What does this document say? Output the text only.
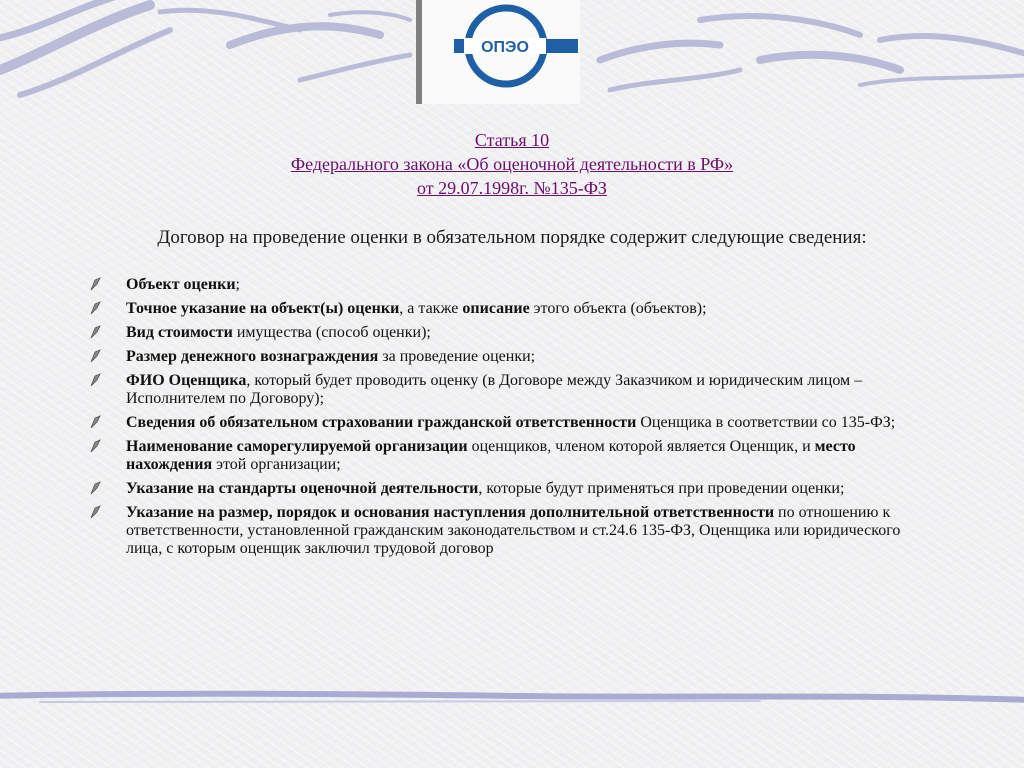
ОПЭО
Статья 10
Федерального закона «Об оценочной деятельности в РФ»
от 29.07.1998г. №135-ФЗ
Договор на проведение оценки в обязательном порядке содержит следующие сведения:
Объект оценки;
Точное указание на объект(ы) оценки, а также описание этого объекта (объектов);
Вид стоимости имущества (способ оценки);
Размер денежного вознаграждения за проведение оценки;
ФИО Оценщика, который будет проводить оценку (в Договоре между Заказчиком и юридическим лицом – Исполнителем по Договору);
Сведения об обязательном страховании гражданской ответственности Оценщика в соответствии со 135-ФЗ;
Наименование саморегулируемой организации оценщиков, членом которой является Оценщик, и место нахождения этой организации;
Указание на стандарты оценочной деятельности, которые будут применяться при проведении оценки;
Указание на размер, порядок и основания наступления дополнительной ответственности по отношению к ответственности, установленной гражданским законодательством и ст.24.6 135-ФЗ, Оценщика или юридического лица, с которым оценщик заключил трудовой договор
